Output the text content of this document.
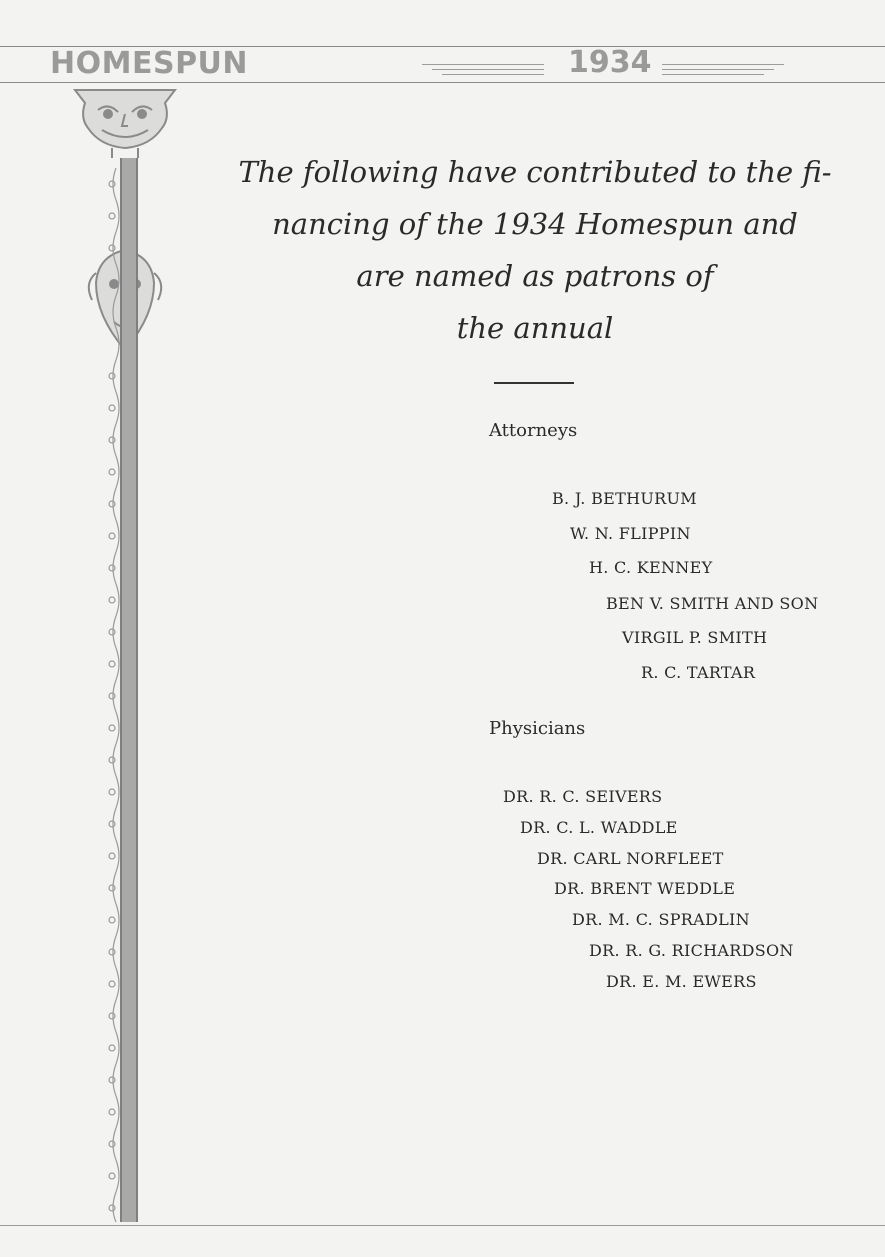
HOMESPUN	1934
The following have contributed to the fi-
nancing of the 1934 Homespun and
are named as patrons of
the annual
Attorneys
B. J. BETHURUM
W. N. FLIPPIN
H. C. KENNEY
BEN V. SMITH AND SON
VIRGIL P. SMITH
R. C. TARTAR
Physicians
DR. R. C. SEIVERS
DR. C. L. WADDLE
DR. CARL NORFLEET
DR. BRENT WEDDLE
DR. M. C. SPRADLIN
DR. R. G. RICHARDSON
DR. E. M. EWERS
